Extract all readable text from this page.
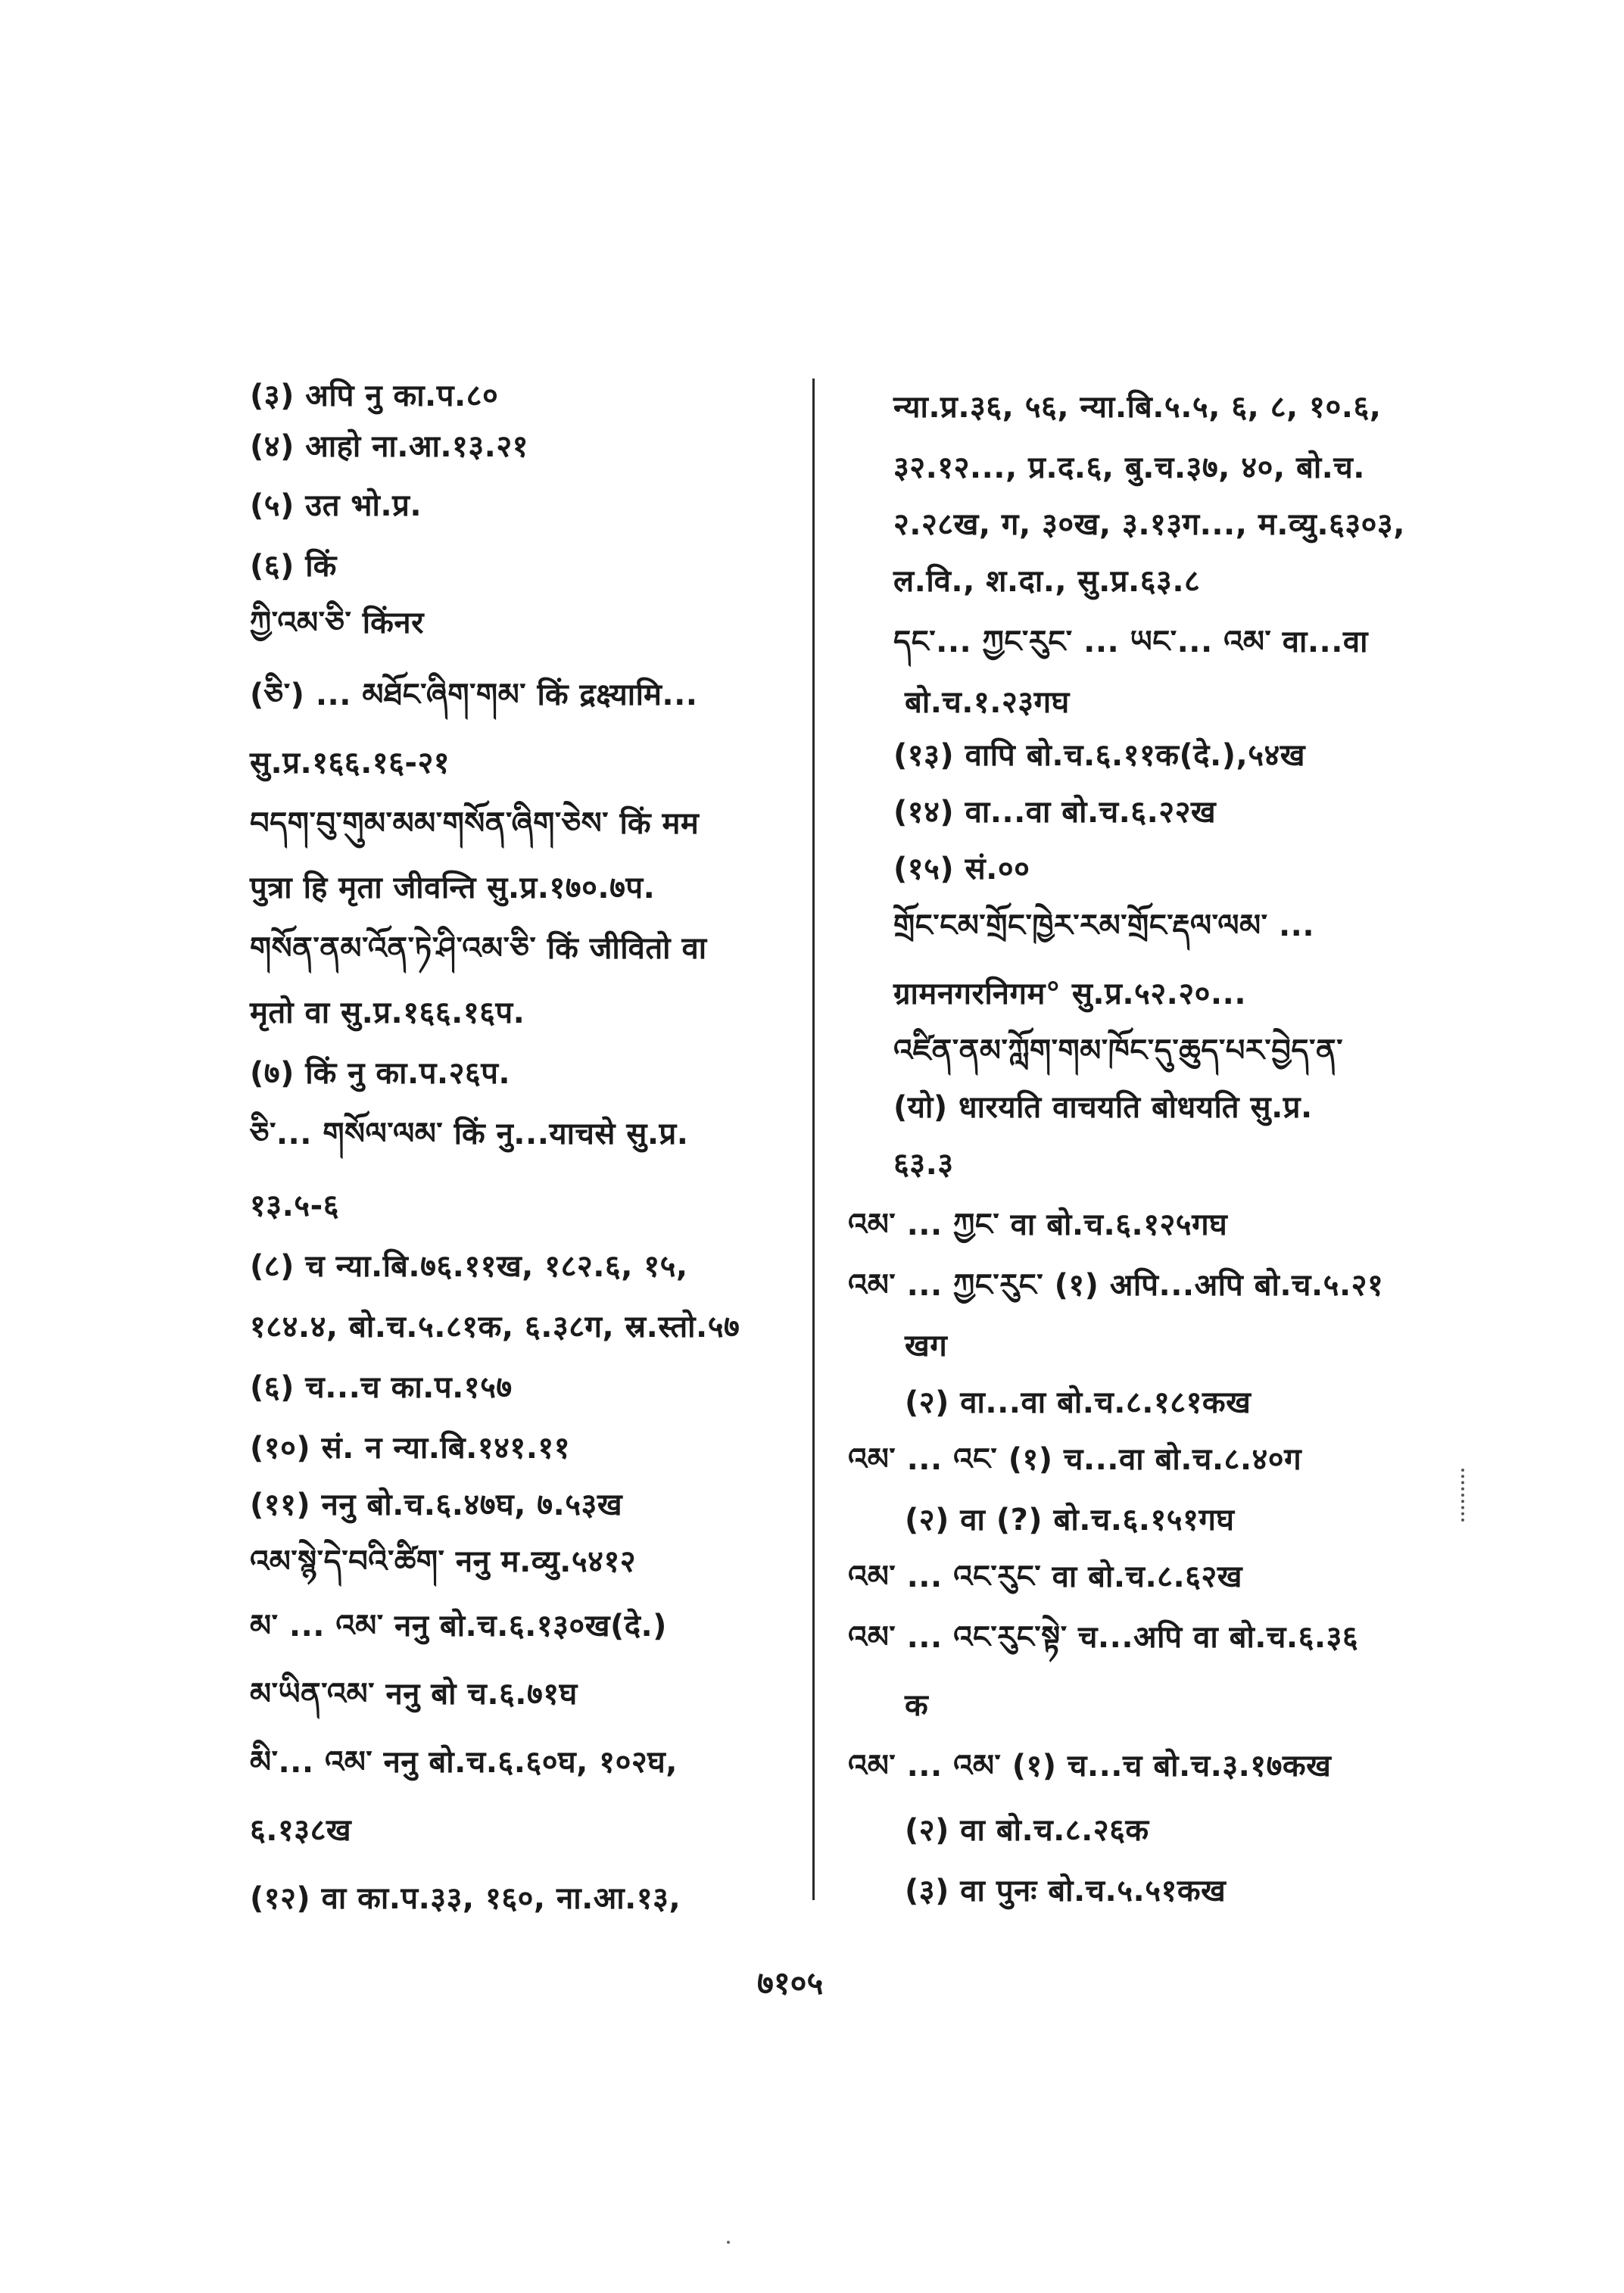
(३) अपि नु का.प.८०
(४) आहो ना.आ.१३.२१
(५) उत भो.प्र.
(६) किं
ཀྱི་འམ་ཅི་ किंनर
(ཅི་) ... མཐོང་ཞིག་གམ་ किं द्रक्ष्यामि...
सु.प्र.१६६.१६-२१
བདག་བུ་གུམ་མམ་གསོན་ཞིག་ཅེས་ किं मम
पुत्रा हि मृता जीवन्ति सु.प्र.१७०.७प.
གསོན་ནམ་འོན་ཏེ་ཤི་འམ་ཅི་ किं जीवितो वा
मृतो वा सु.प्र.१६६.१६प.
(७) किं नु का.प.२६प.
ཅི་... གསོལ་ལམ་ किं नु...याचसे सु.प्र.
१३.५-६
(८) च न्या.बि.७६.११ख, १८२.६, १५,
१८४.४, बो.च.५.८१क, ६.३८ग, स्र.स्तो.५७
(६) च...च का.प.१५७
(१०) सं. न न्या.बि.१४१.११
(११) ननु बो.च.६.४७घ, ७.५३ख
འམ་སྙེ་དེ་བའི་ཚིག་ ननु म.व्यु.५४१२
མ་ ... འམ་ ननु बो.च.६.१३०ख(दे.)
མ་ཡིན་འམ་ ननु बो च.६.७१घ
མི་... འམ་ ननु बो.च.६.६०घ, १०२घ,
६.१३८ख
(१२) वा का.प.३३, १६०, ना.आ.१३,
न्या.प्र.३६, ५६, न्या.बि.५.५, ६, ८, १०.६,
३२.१२..., प्र.द.६, बु.च.३७, ४०, बो.च.
२.२८ख, ग, ३०ख, ३.१३ग..., म.व्यु.६३०३,
ल.वि., श.दा., सु.प्र.६३.८
དང་... ཀྱང་རུང་ ... ཡང་... འམ་ वा...वा
बो.च.१.२३गघ
(१३) वापि बो.च.६.११क(दे.),५४ख
(१४) वा...वा बो.च.६.२२ख
(१५) सं.००
གྲོང་ངམ་གྲོང་ཁྱེར་རམ་གྲོང་རྡལ་ལམ་ ...
ग्रामनगरनिगम° सु.प्र.५२.२०...
འཛིན་ནམ་ཀློག་གམ་ཁོང་དུ་ཆུད་པར་བྱེད་ན་
(यो) धारयति वाचयति बोधयति सु.प्र.
६३.३
འམ་ ... ཀྱང་ वा बो.च.६.१२५गघ
འམ་ ... ཀྱང་རུང་ (१) अपि...अपि बो.च.५.२१
खग
(२) वा...वा बो.च.८.१८१कख
འམ་ ... འང་ (१) च...वा बो.च.८.४०ग
(२) वा (?) बो.च.६.१५१गघ
འམ་ ... འང་རུང་ वा बो.च.८.६२ख
འམ་ ... འང་རུང་སྟེ་ च...अपि वा बो.च.६.३६
क
འམ་ ... འམ་ (१) च...च बो.च.३.१७कख
(२) वा बो.च.८.२६क
(३) वा पुनः बो.च.५.५१कख
७१०५
